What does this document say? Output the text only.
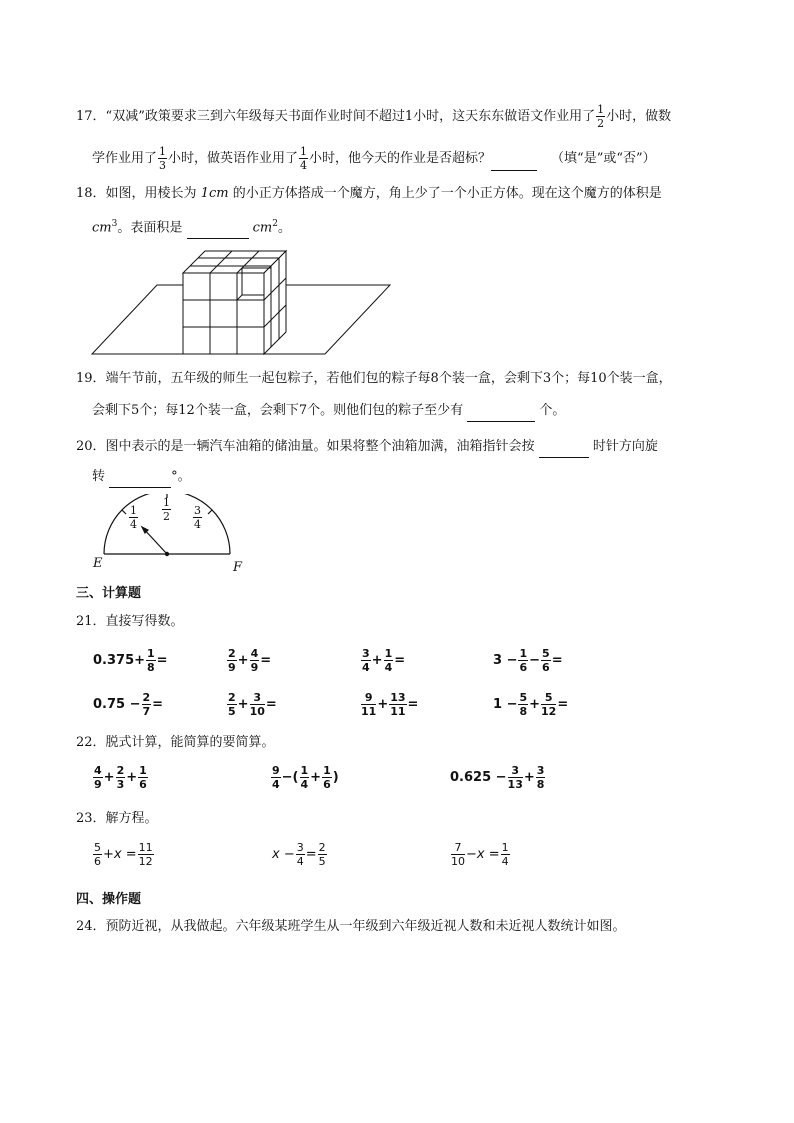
17．“双减”政策要求三到六年级每天书面作业时间不超过1小时，这天东东做语文作业用了 $\frac{1}{2}$ 小时，做数
学作业用了 $\frac{1}{3}$ 小时，做英语作业用了 $\frac{1}{4}$ 小时，他今天的作业是否超标？	（填“是”或“否”）
18．如图，用棱长为 1cm 的小正方体搭成一个魔方，角上少了一个小正方体。现在这个魔方的体积是
$cm^3$。表面积是	$cm^2$。
19．端午节前，五年级的师生一起包粽子，若他们包的粽子每8个装一盒，会剩下3个；每10个装一盒，
会剩下5个；每12个装一盒，会剩下7个。则他们包的粽子至少有	个。
20．图中表示的是一辆汽车油箱的储油量。如果将整个油箱加满，油箱指针会按	时针方向旋
转	°。
$\frac{1}{4} \frac{1}{2} \frac{3}{4}$
E	F
三、计算题
21．直接写得数。
$0.375+ \frac{1}{8}$ =	$\frac{2}{9} + \frac{4}{9}$ =	$\frac{3}{4} + \frac{1}{4}$ =	$3 - \frac{1}{6} - \frac{5}{6}$ =
$0.75 - \frac{2}{7}$ =	$\frac{2}{5} + \frac{3}{10}$ =	$\frac{9}{11} + \frac{13}{11}$ =	$1 - \frac{5}{8} + \frac{5}{12}$ =
22．脱式计算，能简算的要简算。
$\frac{4}{9} + \frac{2}{3} + \frac{1}{6}$	$\frac{9}{4}$ −( $\frac{1}{4} + \frac{1}{6}$ )	$0.625 - \frac{3}{13} + \frac{3}{8}$
23．解方程。
$\frac{5}{6} +x = \frac{11}{12}$	$x - \frac{3}{4} = \frac{2}{5}$	$\frac{7}{10} -x = \frac{1}{4}$
四、操作题
24．预防近视，从我做起。六年级某班学生从一年级到六年级近视人数和未近视人数统计如图。
